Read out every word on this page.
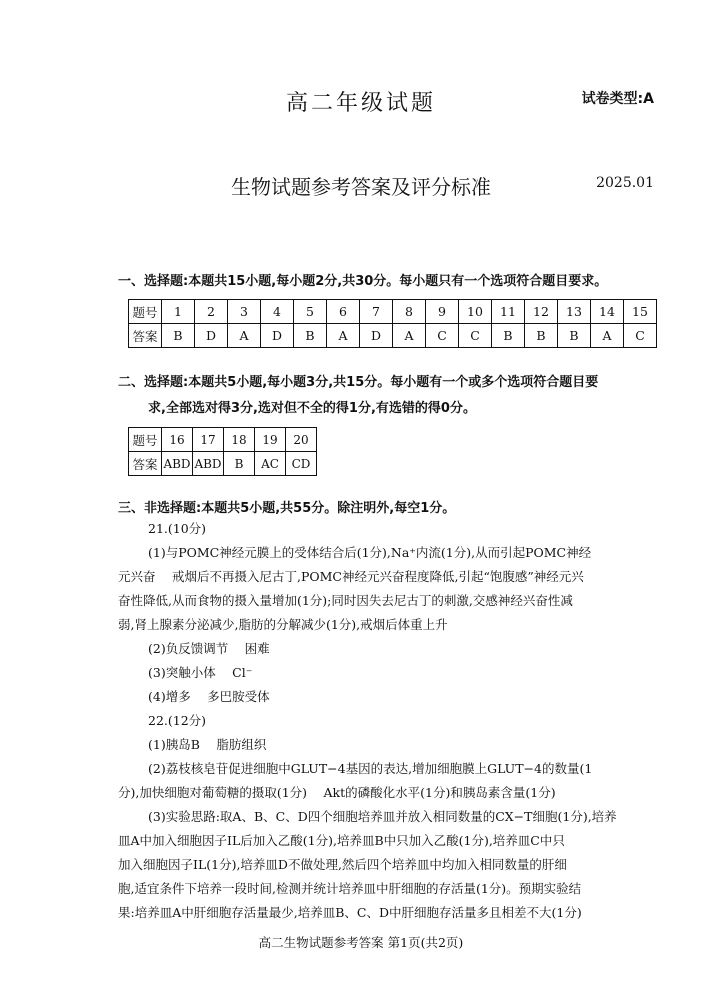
高二年级试题	试卷类型:A
生物试题参考答案及评分标准	2025.01
一、选择题:本题共15小题,每小题2分,共30分。每小题只有一个选项符合题目要求。
题号	1	2	3	4	5	6	7	8	9	10	11	12	13	14	15
答案	B	D	A	D	B	A	D	A	C	C	B	B	B	A	C
二、选择题:本题共5小题,每小题3分,共15分。每小题有一个或多个选项符合题目要
求,全部选对得3分,选对但不全的得1分,有选错的得0分。
题号	16	17	18	19	20
答案	ABD	ABD	B	AC	CD
三、非选择题:本题共5小题,共55分。除注明外,每空1分。
21.(10分)
(1)与POMC神经元膜上的受体结合后(1分),Na⁺内流(1分),从而引起POMC神经
元兴奋　 戒烟后不再摄入尼古丁,POMC神经元兴奋程度降低,引起“饱腹感”神经元兴
奋性降低,从而食物的摄入量增加(1分);同时因失去尼古丁的刺激,交感神经兴奋性减
弱,肾上腺素分泌减少,脂肪的分解减少(1分),戒烟后体重上升
(2)负反馈调节　 困难
(3)突触小体　 Cl⁻
(4)增多　 多巴胺受体
22.(12分)
(1)胰岛B　 脂肪组织
(2)荔枝核皂苷促进细胞中GLUT−4基因的表达,增加细胞膜上GLUT−4的数量(1
分),加快细胞对葡萄糖的摄取(1分)　 Akt的磷酸化水平(1分)和胰岛素含量(1分)
(3)实验思路:取A、B、C、D四个细胞培养皿并放入相同数量的CX−T细胞(1分),培养
皿A中加入细胞因子IL后加入乙酸(1分),培养皿B中只加入乙酸(1分),培养皿C中只
加入细胞因子IL(1分),培养皿D不做处理,然后四个培养皿中均加入相同数量的肝细
胞,适宜条件下培养一段时间,检测并统计培养皿中肝细胞的存活量(1分)。预期实验结
果:培养皿A中肝细胞存活量最少,培养皿B、C、D中肝细胞存活量多且相差不大(1分)
高二生物试题参考答案 第1页(共2页)
